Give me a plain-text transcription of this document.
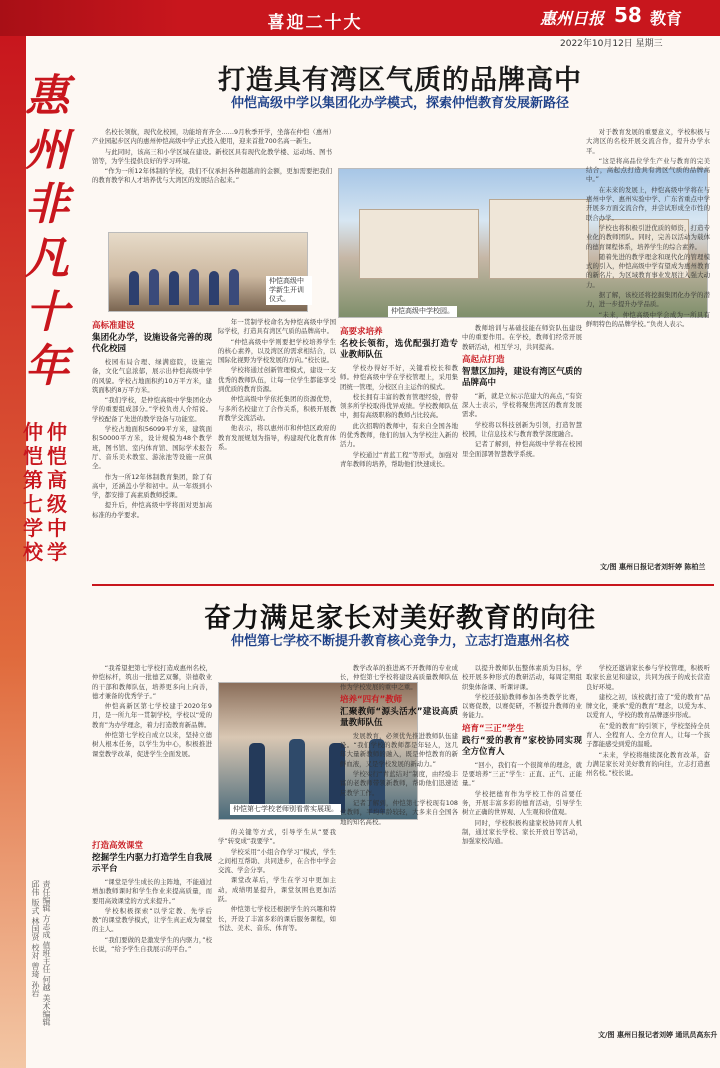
喜迎二十大	惠州日报 58 教育
2022年10月12日 星期三
惠州非凡十年
仲恺高级中学
仲恺第七学校
责任编辑 方志成 值班主任 何越 美术编辑 邱伟 版式 林国贤 校对 曾琦 孙岩
打造具有湾区气质的品牌高中
仲恺高级中学以集团化办学模式，探索仲恺教育发展新路径

名校长领航，现代化校园，功能培育齐全……9月秋季开学，坐落在仲恺（惠州）产业园起步区内的惠州仲恺高级中学正式投入使用，迎来首批700名高一新生。

与此同时，该高三和小学区域在建设。新校区具有现代化教学楼、运动场、图书馆等，为学生提供良好的学习环境。

“作为一所12年体制的学校，我们不仅承担各种超越肩的金额，更加需要把我们的教育教学和人才培养优与大湾区的发展结合起来。”

仲恺高级中学新生开训仪式。
仲恺高级中学校园。
高标准建设
集团化办学，设施设备完善的现代化校园

校园布局合理、绿满庭院，设施完备，文化气息浓郁，展示出仲恺高级中学的风貌。学校占地面积约10万平方米，建筑面积约8万平方米。

“我们学校，是仲恺高级中学集团化办学的重要组成部分。”学校负责人介绍说。学校配备了先进的教学设备与功能室。

学校占地面积56099平方米，建筑面积50000平方米，设计规模为48个教学班，图书馆、室内体育馆、国际学术报告厅、音乐美术教室、游泳池等设施一应俱全。

作为一所12年体制教育集团，除了有高中，还涵盖小学和初中。从一年级到小学，都安排了高素质教师授课。

提升后，仲恺高级中学将面对更加高标准的办学要求。

年一贯制学校命名为仲恺高级中学国际学校，打造具有湾区气质的品牌高中。

“仲恺高级中学则要把学校培养学生的核心素养，以及湾区的需求相结合，以国际化视野为学校发展的方向。”校长说。

学校将通过创新管理模式，建设一支优秀的教师队伍，让每一位学生都能享受到优质的教育资源。

仲恺高级中学依托集团的资源优势，与多所名校建立了合作关系，积极开展教育教学交流活动。

他表示，将以惠州市和仲恺区政府的教育发展规划为指导，构建现代化教育体系。

高要求培养
名校长领衔，选优配强打造专业教师队伍

学校办得好不好，关键看校长和教师。仲恺高级中学在学校管理上，采用集团统一管理，分校区自主运作的模式。

校长拥有丰富的教育管理经验，曾带领多所学校取得优异成绩。学校教师队伍中，拥有高级职称的教师占比较高。

此次招聘的教师中，有来自全国各地的优秀教师，他们的加入为学校注入新的活力。

学校通过“青蓝工程”等形式，加强对青年教师的培养，帮助他们快速成长。

教师培训与基础技能在师资队伍建设中的重要作用。在学校，教师们经常开展教研活动，相互学习，共同提高。

高起点打造
智慧区加持，建设有湾区气质的品牌高中

“新，就是立标示范建大的高点，”有资深人士表示，学校将聚焦湾区的教育发展需求。

学校将以科技创新为引领，打造智慧校园，让信息技术与教育教学深度融合。

记者了解到，仲恺高级中学将在校园里全面部署智慧教学系统。

对于教育发展的重要意义，学校积极与大湾区的名校开展交流合作，提升办学水平。

“这是将高品位学生产业与教育的完美结合，高起点打造具有湾区气质的品牌高中。”

在未来的发展上，仲恺高级中学将在与惠州中学、惠州实验中学、广东省重点中学开展多方面交流合作，并尝试形成全市性的联合办学。

学校也将积极引进优质的师资，打造专业化的教师团队。同时，完善以活动为载体的德育课程体系，培养学生的综合素养。

随着先进的教学理念和现代化的管理模式的引入，仲恺高级中学有望成为惠州教育的新名片，为区域教育事业发展注入强大动力。

据了解，该校还将挖掘集团化办学的潜力，进一步提升办学品质。

“未来，仲恺高级中学会成为一所具有鲜明特色的品牌学校。”负责人表示。

文/图 惠州日报记者刘轩婷 陈柏兰
奋力满足家长对美好教育的向往
仲恺第七学校不断提升教育核心竞争力，立志打造惠州名校

“我希望把第七学校打造成惠州名校，仲恺标杆，筑出一批德艺双馨，崇德敬业的干部和教师队伍，培养更多向上向善，德才兼备的优秀学子。”

仲恺高新区第七学校建于2020年9月，是一所九年一贯制学校，学校以“爱的教育”为办学理念，着力打造教育新品牌。

仲恺第七学校自成立以来，坚持立德树人根本任务，以学生为中心，积极推进课堂教学改革，促进学生全面发展。

打造高效课堂
挖掘学生内驱力打造学生自我展示平台

“课堂是学生成长的主阵地，不能通过增加教师课时和学生作业来提高质量，而要用高效课堂的方式来提升。”

学校积极探索“以学定教、先学后教”的课堂教学模式，让学生真正成为课堂的主人。

“我们要做的是激发学生的内驱力，”校长说，“给予学生自我展示的平台。”

仲恺第七学校老师别看常实展现。

的关键等方式，引导学生从“要我学”转变成“我要学”。

学校采用“小组合作学习”模式，学生之间相互帮助、共同进步，在合作中学会交流、学会分享。

课堂改革后，学生在学习中更加主动，成绩明显提升，课堂氛围也更加活跃。

仲恺第七学校还根据学生的兴趣和特长，开设了丰富多彩的课后服务课程，如书法、美术、音乐、体育等。

教学改革的推进离不开教师的专业成长，仲恺第七学校将建设高质量教师队伍作为学校发展的重中之重。

培养“四有”教师
汇聚教师“源头活水”建设高质量教师队伍

发展教育，必须优先推进教师队伍建设。“我们学校的教师都是年轻人，这几年大量新教师的融入，既是仲恺教育的新鲜血液，又是学校发展的新动力。”

学校实行“青蓝结对”制度，由经验丰富的老教师带领新教师，帮助他们迅速适应教学工作。

记者了解到，仲恺第七学校现有108位教师，平均年龄较轻，大多来自全国各地的知名高校。

以提升教师队伍整体素质为目标，学校开展多种形式的教研活动，每周定期组织集体备课、听课评课。

学校还鼓励教师参加各类教学比赛，以赛促教，以赛促研，不断提升教师的业务能力。

培育“三正”学生
践行“爱的教育”家校协同实现全方位育人

“回小，我们有一个很简单的理念，就是要培养“三正”学生：正直、正气、正能量。”

学校把德育作为学校工作的首要任务，开展丰富多彩的德育活动，引导学生树立正确的世界观、人生观和价值观。

同时，学校积极构建家校协同育人机制，通过家长学校、家长开放日等活动，加强家校沟通。

学校还邀请家长参与学校管理，积极听取家长意见和建议，共同为孩子的成长营造良好环境。

建校之初，该校就打造了“爱的教育”品牌文化，秉承“爱的教育”理念，以爱为本、以爱育人，学校的教育品牌逐步形成。

在“爱的教育”的引领下，学校坚持全员育人、全程育人、全方位育人，让每一个孩子都能感受到爱的温暖。

“未来，学校将继续深化教育改革，奋力满足家长对美好教育的向往，立志打造惠州名校。”校长说。

文/图 惠州日报记者刘婷 通讯员高东升
